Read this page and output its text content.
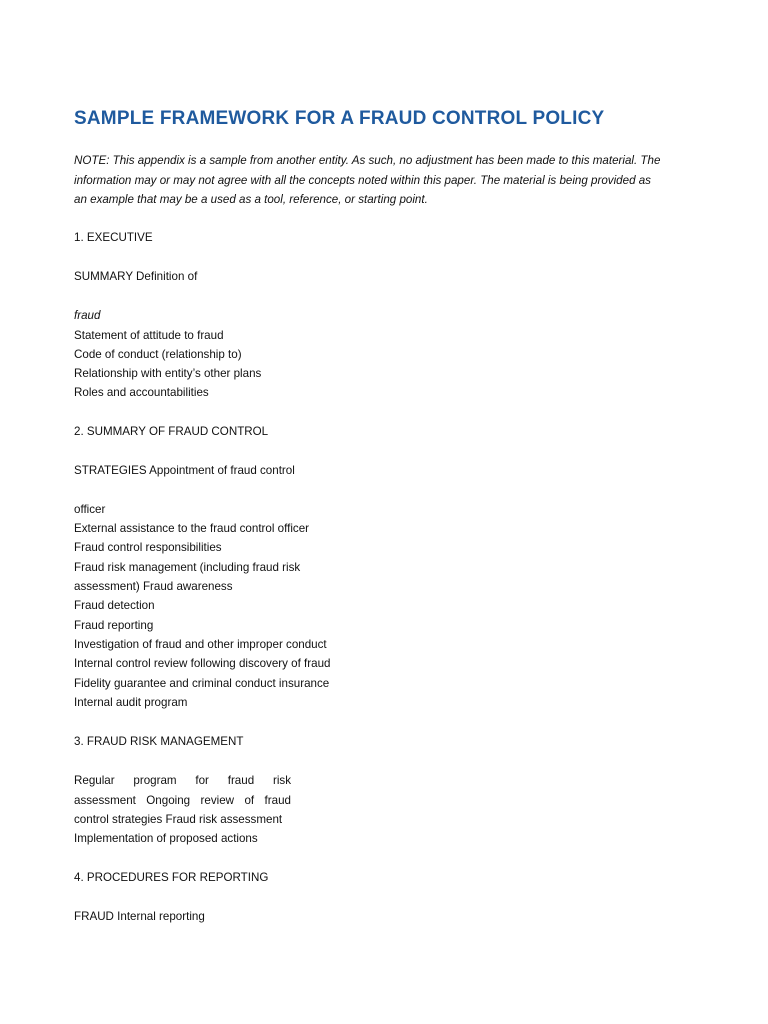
SAMPLE FRAMEWORK FOR A FRAUD CONTROL POLICY
NOTE: This appendix is a sample from another entity. As such, no adjustment has been made to this material. The
information may or may not agree with all the concepts noted within this paper. The material is being provided as
an example that may be a used as a tool, reference, or starting point.
1. EXECUTIVE
SUMMARY Definition of
fraud
Statement of attitude to fraud
Code of conduct (relationship to)
Relationship with entity’s other plans
Roles and accountabilities
2. SUMMARY OF FRAUD CONTROL
STRATEGIES Appointment of fraud control
officer
External assistance to the fraud control officer
Fraud control responsibilities
Fraud risk management (including fraud risk
assessment) Fraud awareness
Fraud detection
Fraud reporting
Investigation of fraud and other improper conduct
Internal control review following discovery of fraud
Fidelity guarantee and criminal conduct insurance
Internal audit program
3. FRAUD RISK MANAGEMENT
Regular program for fraud risk
assessment Ongoing review of fraud
control strategies Fraud risk assessment
Implementation of proposed actions
4. PROCEDURES FOR REPORTING
FRAUD Internal reporting
